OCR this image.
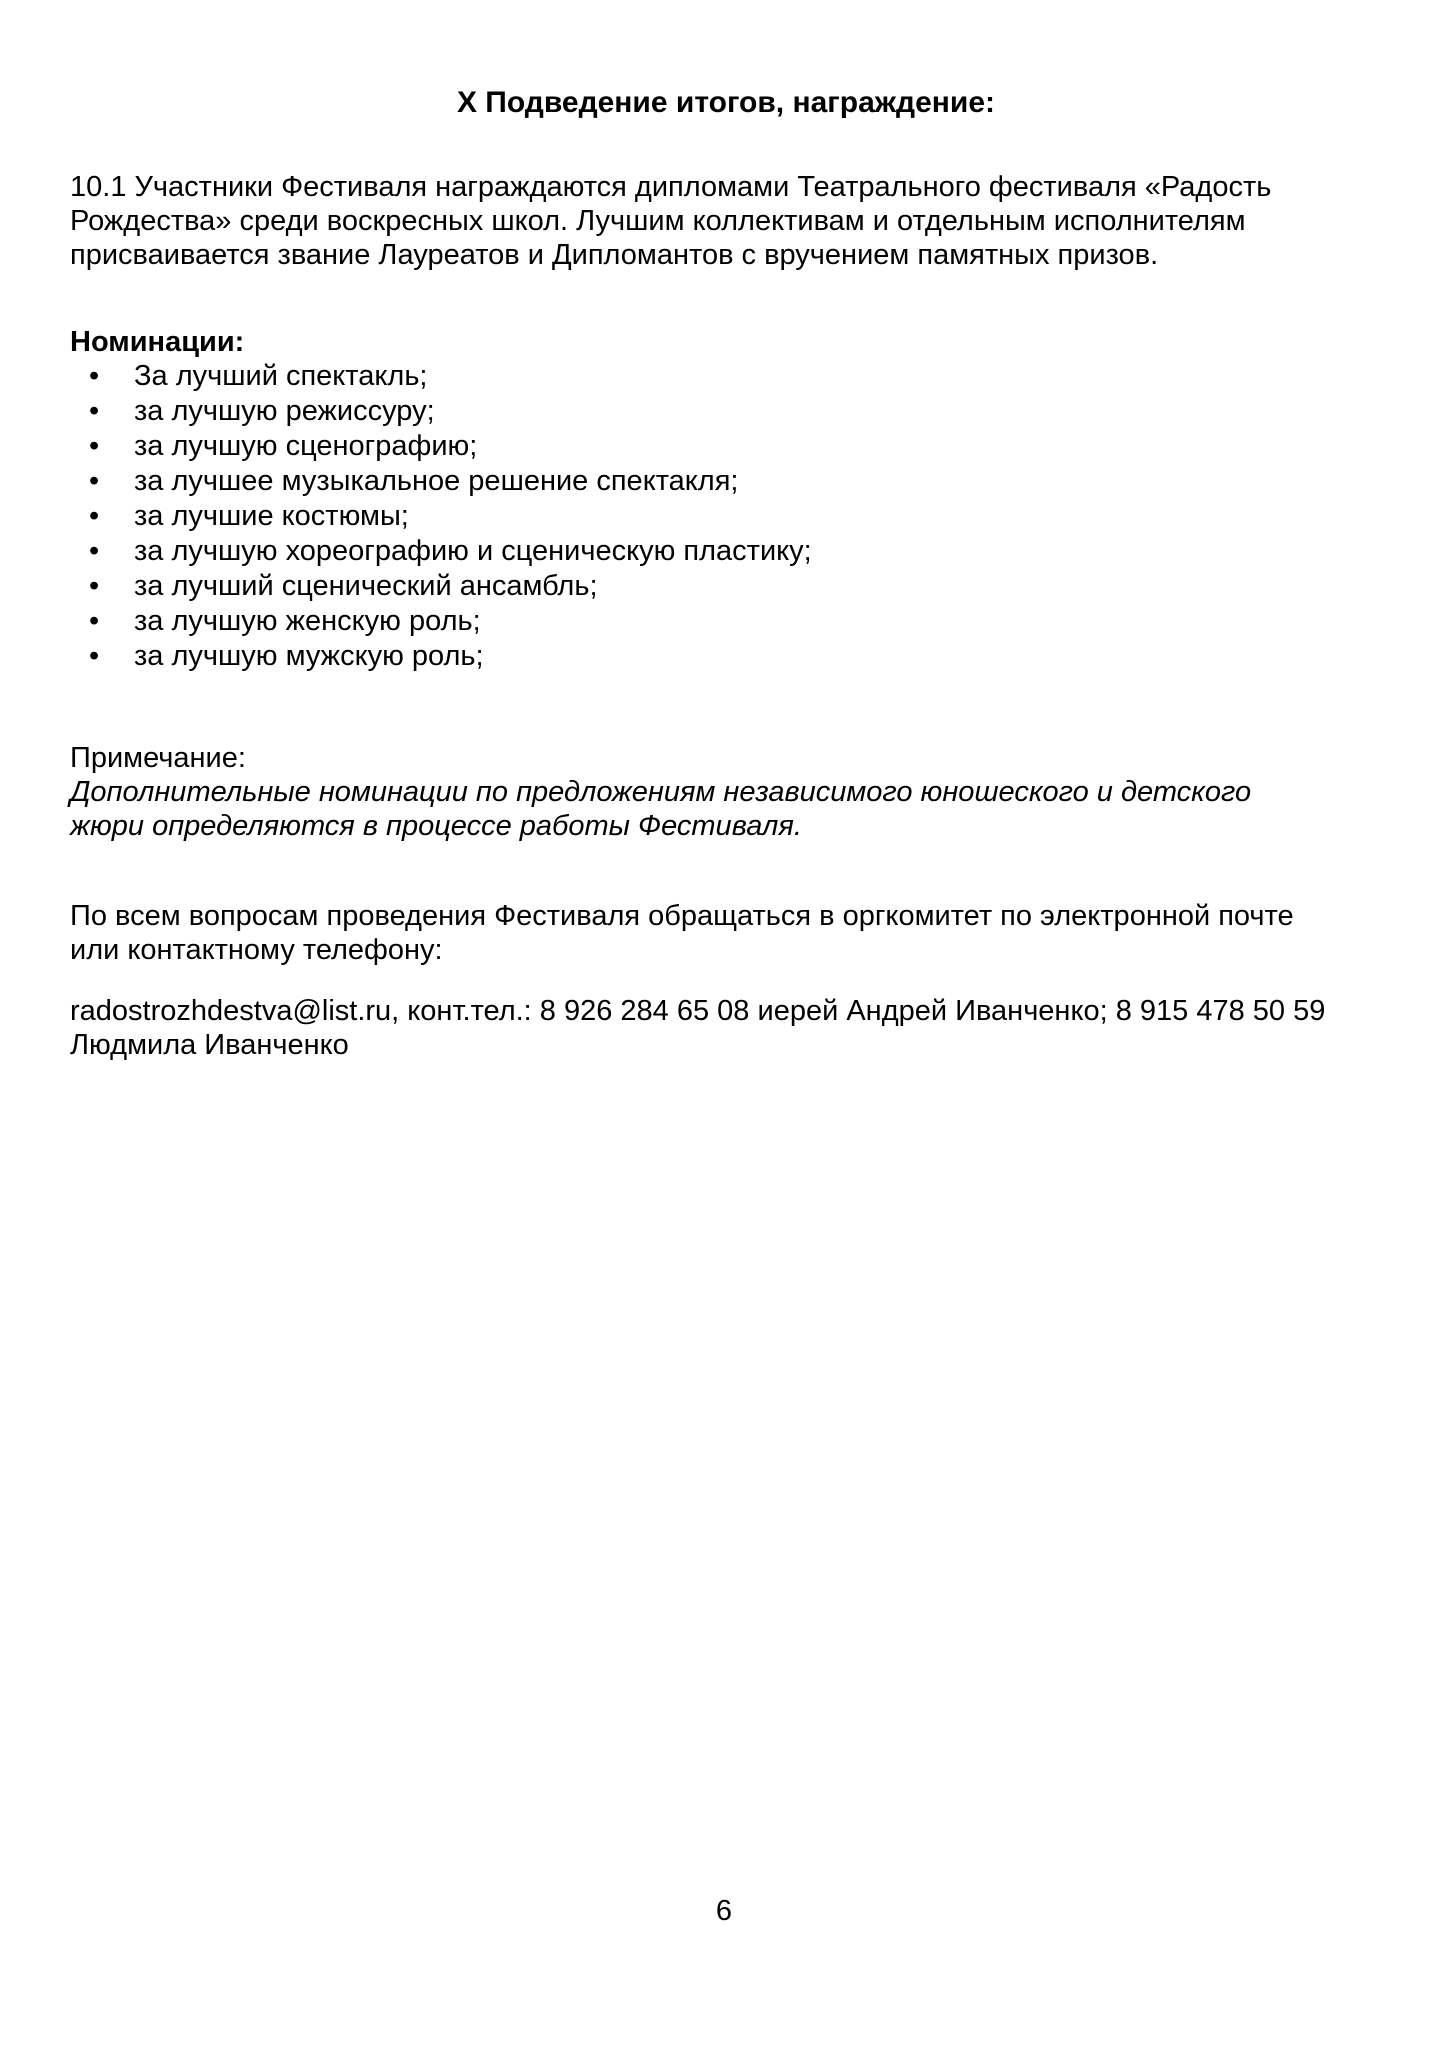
Х Подведение итогов, награждение:
10.1 Участники Фестиваля награждаются дипломами Театрального фестиваля «Радость
Рождества» среди воскресных школ. Лучшим коллективам и отдельным исполнителям
присваивается звание Лауреатов и Дипломантов с вручением памятных призов.
Номинации:
•	За лучший спектакль;
•	за лучшую режиссуру;
•	за лучшую сценографию;
•	за лучшее музыкальное решение спектакля;
•	за лучшие костюмы;
•	за лучшую хореографию и сценическую пластику;
•	за лучший сценический ансамбль;
•	за лучшую женскую роль;
•	за лучшую мужскую роль;
Примечание:
Дополнительные номинации по предложениям независимого юношеского и детского
жюри определяются в процессе работы Фестиваля.
По всем вопросам проведения Фестиваля обращаться в оргкомитет по электронной почте
или контактному телефону:
radostrozhdestva@list.ru, конт.тел.: 8 926 284 65 08 иерей Андрей Иванченко; 8 915 478 50 59
Людмила Иванченко
6
